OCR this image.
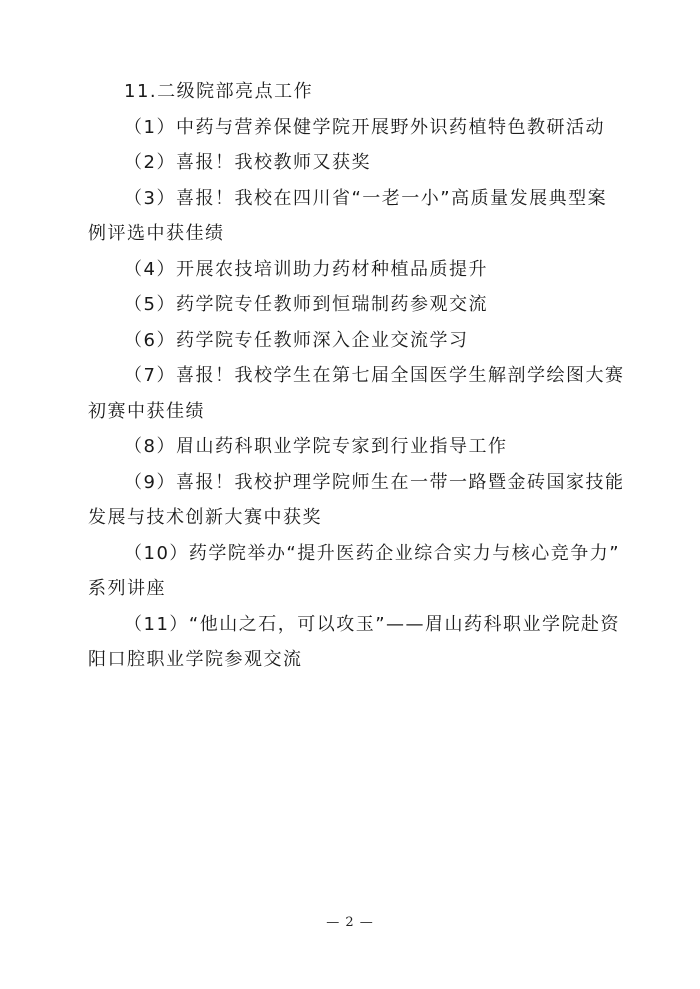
11.二级院部亮点工作

（1）中药与营养保健学院开展野外识药植特色教研活动

（2）喜报！我校教师又获奖

（3）喜报！我校在四川省“一老一小”高质量发展典型案

例评选中获佳绩

（4）开展农技培训助力药材种植品质提升

（5）药学院专任教师到恒瑞制药参观交流

（6）药学院专任教师深入企业交流学习

（7）喜报！我校学生在第七届全国医学生解剖学绘图大赛

初赛中获佳绩

（8）眉山药科职业学院专家到行业指导工作

（9）喜报！我校护理学院师生在一带一路暨金砖国家技能

发展与技术创新大赛中获奖

（10）药学院举办“提升医药企业综合实力与核心竞争力”

系列讲座

（11）“他山之石，可以攻玉”——眉山药科职业学院赴资

阳口腔职业学院参观交流

— 2 —
